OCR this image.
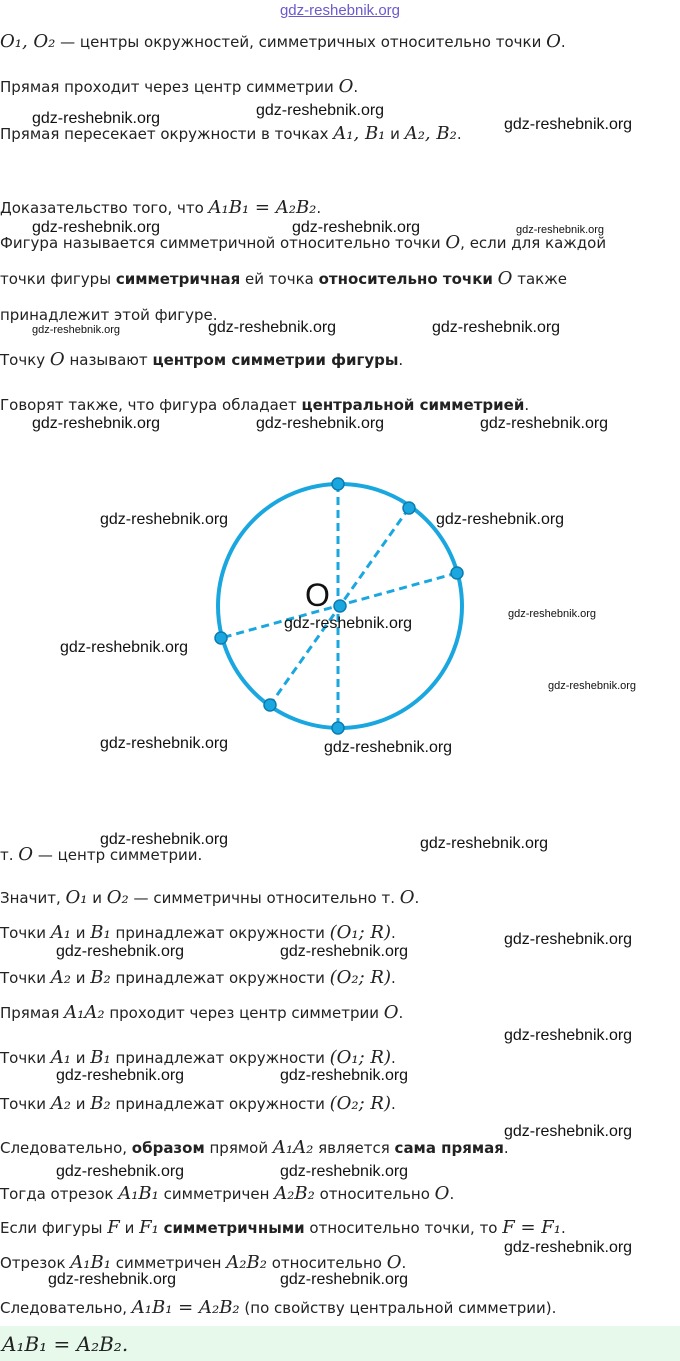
gdz-reshebnik.org
O₁, O₂ — центры окружностей, симметричных относительно точки O.
Прямая проходит через центр симметрии O.
Прямая пересекает окружности в точках A₁, B₁ и A₂, B₂.
Доказательство того, что A₁B₁ = A₂B₂.
Фигура называется симметричной относительно точки O, если для каждой
точки фигуры симметричная ей точка относительно точки O также
принадлежит этой фигуре.
Точку O называют центром симметрии фигуры.
Говорят также, что фигура обладает центральной симметрией.
O
т. O — центр симметрии.
Значит, O₁ и O₂ — симметричны относительно т. O.
Точки A₁ и B₁ принадлежат окружности (O₁; R).
Точки A₂ и B₂ принадлежат окружности (O₂; R).
Прямая A₁A₂ проходит через центр симметрии O.
Точки A₁ и B₁ принадлежат окружности (O₁; R).
Точки A₂ и B₂ принадлежат окружности (O₂; R).
Следовательно, образом прямой A₁A₂ является сама прямая.
Тогда отрезок A₁B₁ симметричен A₂B₂ относительно O.
Если фигуры F и F₁ симметричными относительно точки, то F = F₁.
Отрезок A₁B₁ симметричен A₂B₂ относительно O.
Следовательно, A₁B₁ = A₂B₂ (по свойству центральной симметрии).
A₁B₁ = A₂B₂.
gdz-reshebnik.org	gdz-reshebnik.org
gdz-reshebnik.org
gdz-reshebnik.org	gdz-reshebnik.org	gdz-reshebnik.org
gdz-reshebnik.org	gdz-reshebnik.org	gdz-reshebnik.org
gdz-reshebnik.org	gdz-reshebnik.org	gdz-reshebnik.org
gdz-reshebnik.org	gdz-reshebnik.org
gdz-reshebnik.org
gdz-reshebnik.org
gdz-reshebnik.org
gdz-reshebnik.org
gdz-reshebnik.org	gdz-reshebnik.org
gdz-reshebnik.org	gdz-reshebnik.org
gdz-reshebnik.org
gdz-reshebnik.org	gdz-reshebnik.org
gdz-reshebnik.org
gdz-reshebnik.org	gdz-reshebnik.org
gdz-reshebnik.org
gdz-reshebnik.org	gdz-reshebnik.org
gdz-reshebnik.org
gdz-reshebnik.org	gdz-reshebnik.org
